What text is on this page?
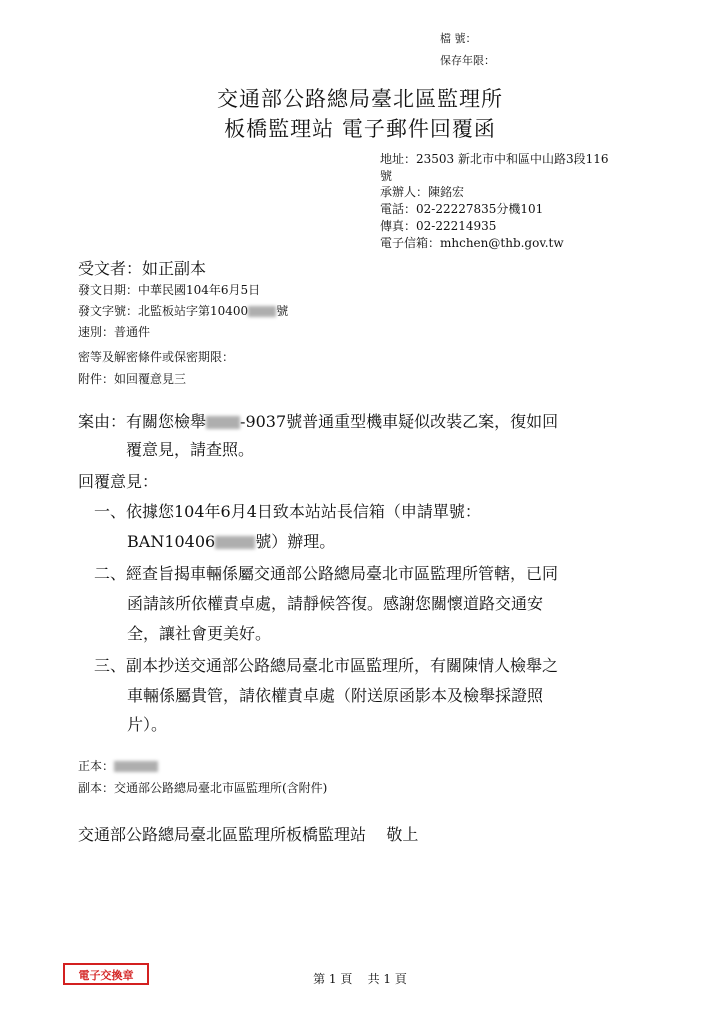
檔 號：
保存年限：
交通部公路總局臺北區監理所
板橋監理站 電子郵件回覆函
地址：23503 新北市中和區中山路3段116
號
承辦人：陳銘宏
電話：02-22227835分機101
傳真：02-22214935
電子信箱：mhchen@thb.gov.tw
受文者：如正副本
發文日期：中華民國104年6月5日
發文字號：北監板站字第10400 號
速別：普通件
密等及解密條件或保密期限：
附件：如回覆意見三
案由：有關您檢舉 -9037號普通重型機車疑似改裝乙案，復如回
覆意見，請查照。
回覆意見：
一、依據您104年6月4日致本站站長信箱（申請單號：
BAN10406	號）辦理。
二、經查旨揭車輛係屬交通部公路總局臺北市區監理所管轄，已同
函請該所依權責卓處，請靜候答復。感謝您關懷道路交通安
全，讓社會更美好。
三、副本抄送交通部公路總局臺北市區監理所，有關陳情人檢舉之
車輛係屬貴管，請依權責卓處（附送原函影本及檢舉採證照
片）。
正本：
副本：交通部公路總局臺北市區監理所(含附件)
交通部公路總局臺北區監理所板橋監理站    敬上
電子交換章	第 1 頁    共 1 頁
